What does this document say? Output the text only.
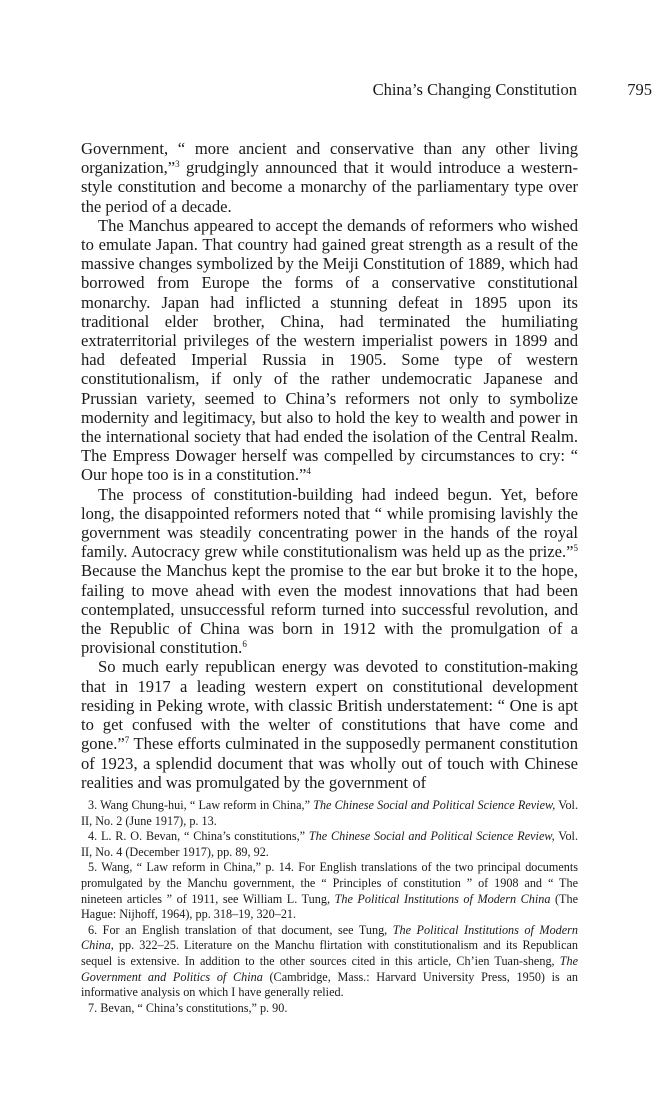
China’s Changing Constitution	795

Government, “ more ancient and conservative than any other living organization,”$^3$ grudgingly announced that it would introduce a western-style constitution and become a monarchy of the parliamentary type over the period of a decade.

The Manchus appeared to accept the demands of reformers who wished to emulate Japan. That country had gained great strength as a result of the massive changes symbolized by the Meiji Constitution of 1889, which had borrowed from Europe the forms of a conservative constitutional monarchy. Japan had inflicted a stunning defeat in 1895 upon its traditional elder brother, China, had terminated the humiliating extraterritorial privileges of the western imperialist powers in 1899 and had defeated Imperial Russia in 1905. Some type of western constitutionalism, if only of the rather undemocratic Japanese and Prussian variety, seemed to China’s reformers not only to symbolize modernity and legitimacy, but also to hold the key to wealth and power in the international society that had ended the isolation of the Central Realm. The Empress Dowager herself was compelled by circumstances to cry: “ Our hope too is in a constitution.”$^4$

The process of constitution-building had indeed begun. Yet, before long, the disappointed reformers noted that “ while promising lavishly the government was steadily concentrating power in the hands of the royal family. Autocracy grew while constitutionalism was held up as the prize.”$^5$ Because the Manchus kept the promise to the ear but broke it to the hope, failing to move ahead with even the modest innovations that had been contemplated, unsuccessful reform turned into successful revolution, and the Republic of China was born in 1912 with the promulgation of a provisional constitution.$^6$

So much early republican energy was devoted to constitution-making that in 1917 a leading western expert on constitutional development residing in Peking wrote, with classic British understatement: “ One is apt to get confused with the welter of constitutions that have come and gone.”$^7$ These efforts culminated in the supposedly permanent constitution of 1923, a splendid document that was wholly out of touch with Chinese realities and was promulgated by the government of

3. Wang Chung-hui, “ Law reform in China,” The Chinese Social and Political Science Review, Vol. II, No. 2 (June 1917), p. 13.

4. L. R. O. Bevan, “ China’s constitutions,” The Chinese Social and Political Science Review, Vol. II, No. 4 (December 1917), pp. 89, 92.

5. Wang, “ Law reform in China,” p. 14. For English translations of the two principal documents promulgated by the Manchu government, the “ Principles of constitution ” of 1908 and “ The nineteen articles ” of 1911, see William L. Tung, The Political Institutions of Modern China (The Hague: Nijhoff, 1964), pp. 318–19, 320–21.

6. For an English translation of that document, see Tung, The Political Institutions of Modern China, pp. 322–25. Literature on the Manchu flirtation with constitutionalism and its Republican sequel is extensive. In addition to the other sources cited in this article, Ch’ien Tuan-sheng, The Government and Politics of China (Cambridge, Mass.: Harvard University Press, 1950) is an informative analysis on which I have generally relied.

7. Bevan, “ China’s constitutions,” p. 90.
